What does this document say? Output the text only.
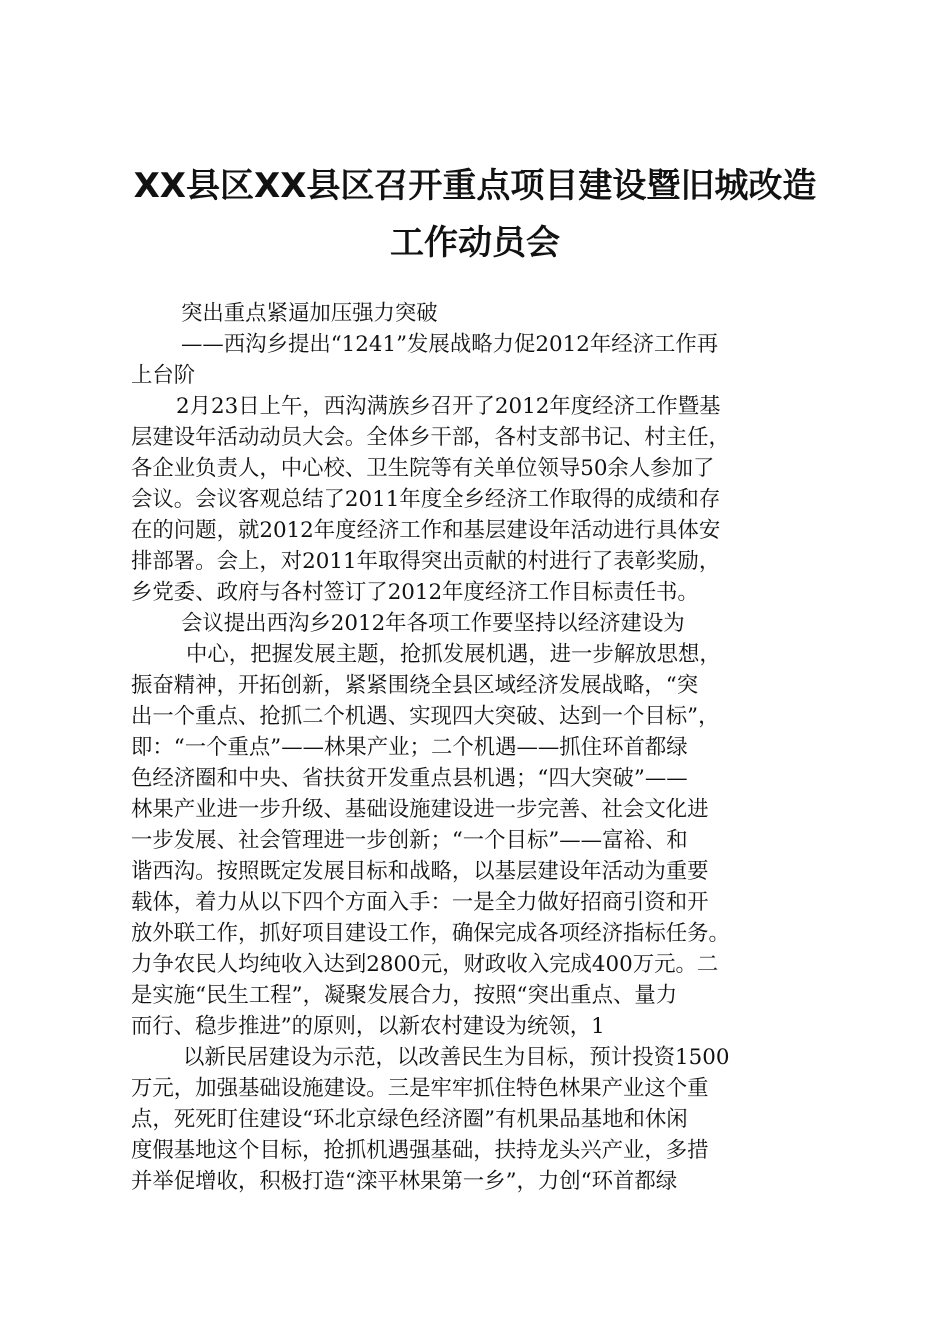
XX县区XX县区召开重点项目建设暨旧城改造
工作动员会
突出重点紧逼加压强力突破
——西沟乡提出“1241”发展战略力促2012年经济工作再
上台阶
2月23日上午，西沟满族乡召开了2012年度经济工作暨基
层建设年活动动员大会。全体乡干部，各村支部书记、村主任，
各企业负责人，中心校、卫生院等有关单位领导50余人参加了
会议。会议客观总结了2011年度全乡经济工作取得的成绩和存
在的问题，就2012年度经济工作和基层建设年活动进行具体安
排部署。会上，对2011年取得突出贡献的村进行了表彰奖励，
乡党委、政府与各村签订了2012年度经济工作目标责任书。
会议提出西沟乡2012年各项工作要坚持以经济建设为
中心，把握发展主题，抢抓发展机遇，进一步解放思想，
振奋精神，开拓创新，紧紧围绕全县区域经济发展战略，“突
出一个重点、抢抓二个机遇、实现四大突破、达到一个目标”，
即：“一个重点”——林果产业；二个机遇——抓住环首都绿
色经济圈和中央、省扶贫开发重点县机遇；“四大突破”——
林果产业进一步升级、基础设施建设进一步完善、社会文化进
一步发展、社会管理进一步创新；“一个目标”——富裕、和
谐西沟。按照既定发展目标和战略，以基层建设年活动为重要
载体，着力从以下四个方面入手：一是全力做好招商引资和开
放外联工作，抓好项目建设工作，确保完成各项经济指标任务。
力争农民人均纯收入达到2800元，财政收入完成400万元。二
是实施“民生工程”，凝聚发展合力，按照“突出重点、量力
而行、稳步推进”的原则，以新农村建设为统领，1
以新民居建设为示范，以改善民生为目标，预计投资1500
万元，加强基础设施建设。三是牢牢抓住特色林果产业这个重
点，死死盯住建设“环北京绿色经济圈”有机果品基地和休闲
度假基地这个目标，抢抓机遇强基础，扶持龙头兴产业，多措
并举促增收，积极打造“滦平林果第一乡”，力创“环首都绿
